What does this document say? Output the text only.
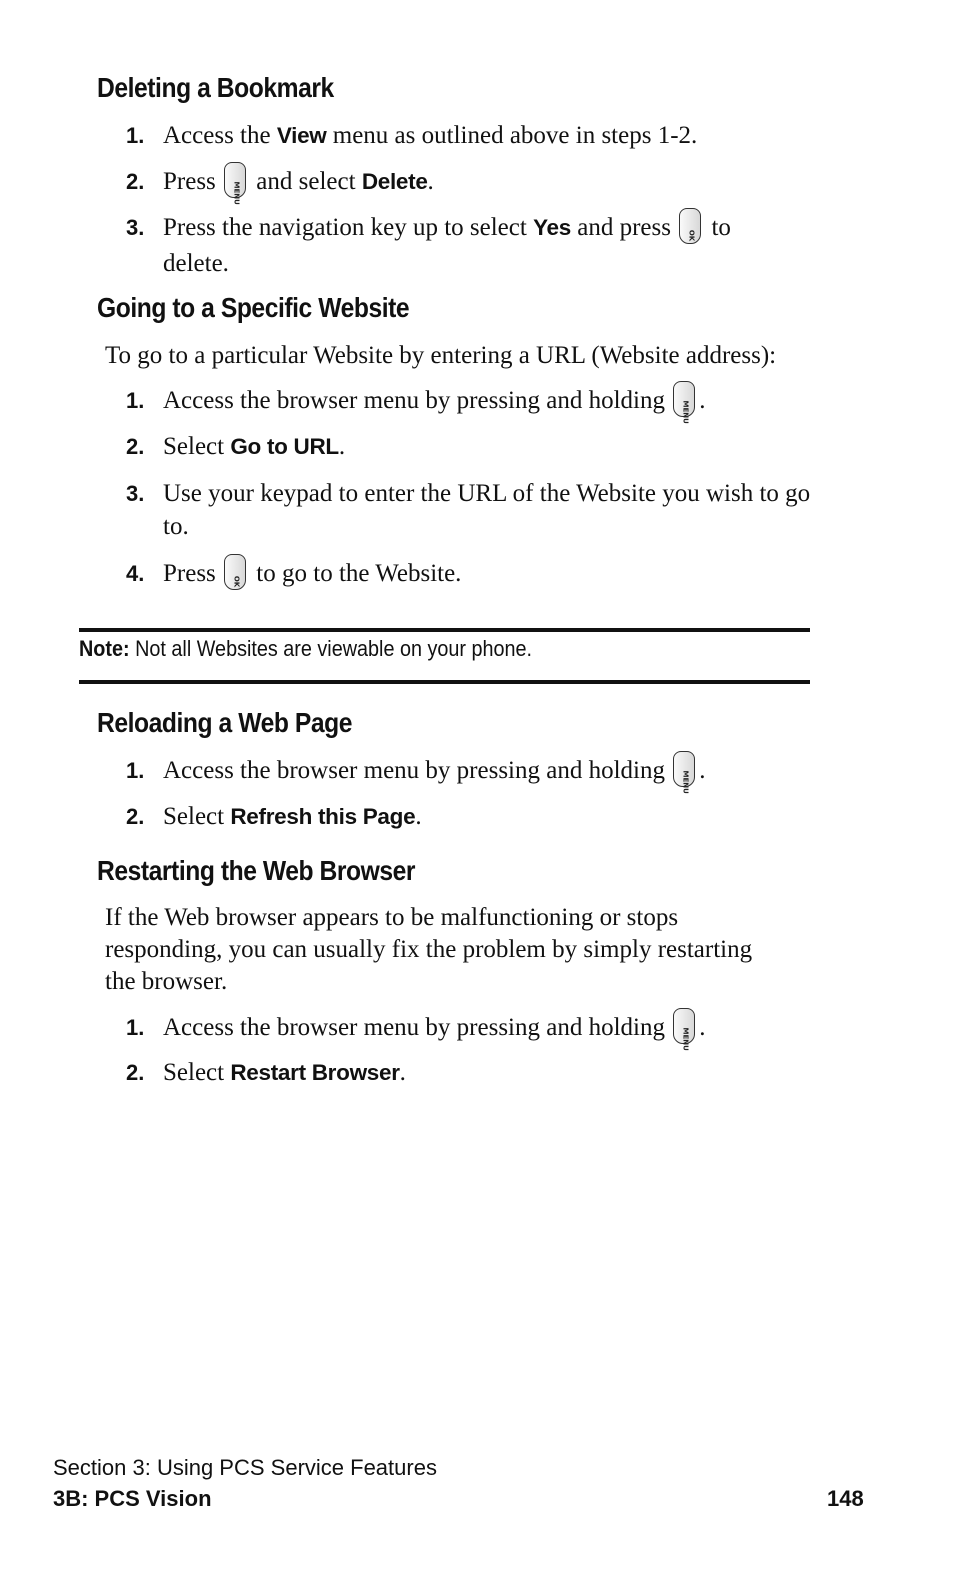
Deleting a Bookmark
1. Access the View menu as outlined above in steps 1-2.
2. Press	MENU and select Delete.
3. Press the navigation key up to select Yes and press	OK to delete.
Going to a Specific Website
To go to a particular Website by entering a URL (Website address):
1. Access the browser menu by pressing and holding	MENU .
2. Select Go to URL.
3. Use your keypad to enter the URL of the Website you wish to go to.
4. Press	OK to go to the Website.
Note: Not all Websites are viewable on your phone.
Reloading a Web Page
1. Access the browser menu by pressing and holding	MENU .
2. Select Refresh this Page.
Restarting the Web Browser
If the Web browser appears to be malfunctioning or stops responding, you can usually fix the problem by simply restarting the browser.
1. Access the browser menu by pressing and holding	MENU .
2. Select Restart Browser.
Section 3: Using PCS Service Features
3B: PCS Vision	148
